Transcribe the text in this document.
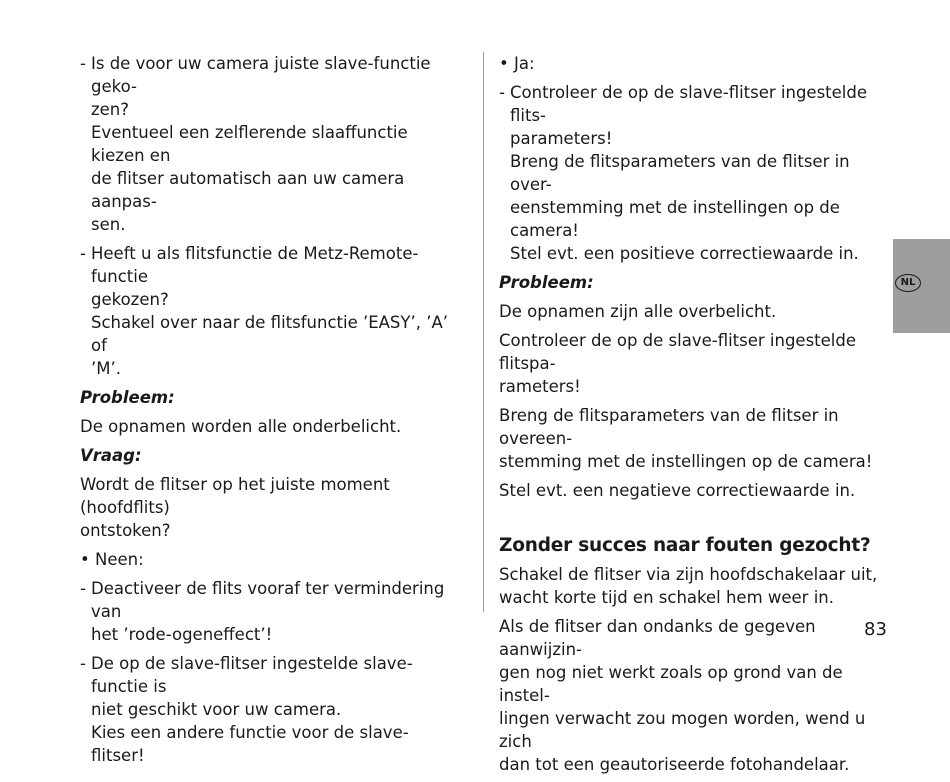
NL
- Is de voor uw camera juiste slave-functie geko-
zen?
Eventueel een zelflerende slaaffunctie kiezen en
de flitser automatisch aan uw camera aanpas-
sen.
- Heeft u als flitsfunctie de Metz-Remote-functie
gekozen?
Schakel over naar de flitsfunctie ’EASY’, ’A’ of
’M’.

Probleem:

De opnamen worden alle onderbelicht.

Vraag:

Wordt de flitser op het juiste moment (hoofdflits)
ontstoken?

• Neen:

- Deactiveer de flits vooraf ter vermindering van
het ’rode-ogeneffect’!
- De op de slave-flitser ingestelde slave-functie is
niet geschikt voor uw camera.
Kies een andere functie voor de slave-flitser!

• Ja:

- Controleer de op de slave-flitser ingestelde flits-
parameters!
Breng de flitsparameters van de flitser in over-
eenstemming met de instellingen op de camera!
Stel evt. een positieve correctiewaarde in.

Probleem:

De opnamen zijn alle overbelicht.

Controleer de op de slave-flitser ingestelde flitspa-
rameters!

Breng de flitsparameters van de flitser in overeen-
stemming met de instellingen op de camera!

Stel evt. een negatieve correctiewaarde in.

Zonder succes naar fouten gezocht?

Schakel de flitser via zijn hoofdschakelaar uit,
wacht korte tijd en schakel hem weer in.

Als de flitser dan ondanks de gegeven aanwijzin-
gen nog niet werkt zoals op grond van de instel-
lingen verwacht zou mogen worden, wend u zich
dan tot een geautoriseerde fotohandelaar.

83
